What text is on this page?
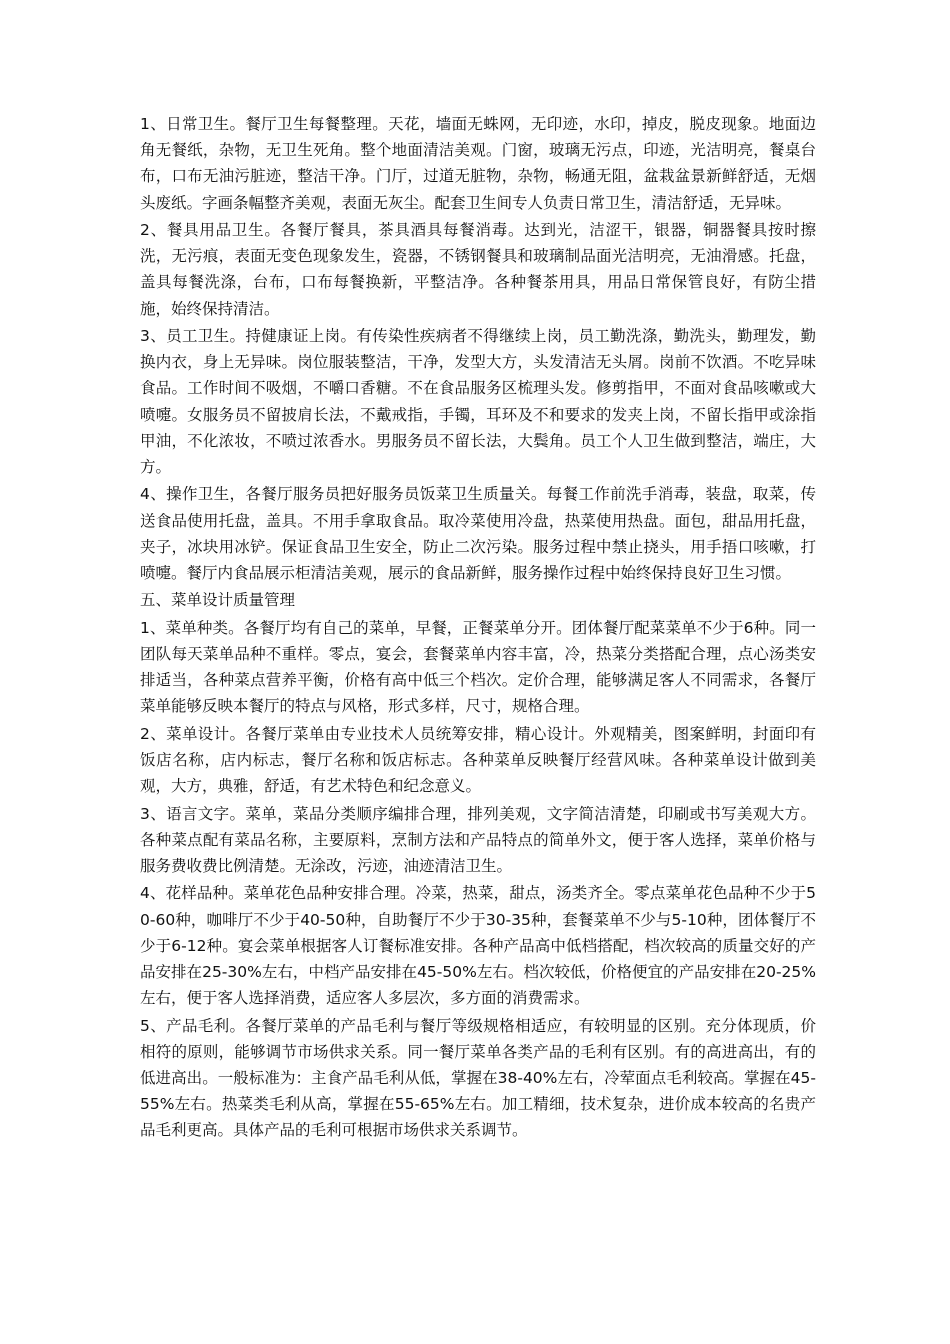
1、日常卫生。餐厅卫生每餐整理。天花，墙面无蛛网，无印迹，水印，掉皮，脱皮现象。地面边角无餐纸，杂物，无卫生死角。整个地面清洁美观。门窗，玻璃无污点，印迹，光洁明亮，餐桌台布，口布无油污脏迹，整洁干净。门厅，过道无脏物，杂物，畅通无阻，盆栽盆景新鲜舒适，无烟头废纸。字画条幅整齐美观，表面无灰尘。配套卫生间专人负责日常卫生，清洁舒适，无异味。

2、餐具用品卫生。各餐厅餐具，茶具酒具每餐消毒。达到光，洁涩干，银器，铜器餐具按时擦洗，无污痕，表面无变色现象发生，瓷器，不锈钢餐具和玻璃制品面光洁明亮，无油滑感。托盘，盖具每餐洗涤，台布，口布每餐换新，平整洁净。各种餐茶用具，用品日常保管良好，有防尘措施，始终保持清洁。

3、员工卫生。持健康证上岗。有传染性疾病者不得继续上岗，员工勤洗涤，勤洗头，勤理发，勤换内衣，身上无异味。岗位服装整洁，干净，发型大方，头发清洁无头屑。岗前不饮酒。不吃异味食品。工作时间不吸烟，不嚼口香糖。不在食品服务区梳理头发。修剪指甲，不面对食品咳嗽或大喷嚏。女服务员不留披肩长法，不戴戒指，手镯，耳环及不和要求的发夹上岗，不留长指甲或涂指甲油，不化浓妆，不喷过浓香水。男服务员不留长法，大鬓角。员工个人卫生做到整洁，端庄，大方。

4、操作卫生，各餐厅服务员把好服务员饭菜卫生质量关。每餐工作前洗手消毒，装盘，取菜，传送食品使用托盘，盖具。不用手拿取食品。取冷菜使用冷盘，热菜使用热盘。面包，甜品用托盘，夹子，冰块用冰铲。保证食品卫生安全，防止二次污染。服务过程中禁止挠头，用手捂口咳嗽，打喷嚏。餐厅内食品展示柜清洁美观，展示的食品新鲜，服务操作过程中始终保持良好卫生习惯。

五、菜单设计质量管理

1、菜单种类。各餐厅均有自己的菜单，早餐，正餐菜单分开。团体餐厅配菜菜单不少于6种。同一团队每天菜单品种不重样。零点，宴会，套餐菜单内容丰富，冷，热菜分类搭配合理，点心汤类安排适当，各种菜点营养平衡，价格有高中低三个档次。定价合理，能够满足客人不同需求，各餐厅菜单能够反映本餐厅的特点与风格，形式多样，尺寸，规格合理。

2、菜单设计。各餐厅菜单由专业技术人员统筹安排，精心设计。外观精美，图案鲜明，封面印有饭店名称，店内标志，餐厅名称和饭店标志。各种菜单反映餐厅经营风味。各种菜单设计做到美观，大方，典雅，舒适，有艺术特色和纪念意义。

3、语言文字。菜单，菜品分类顺序编排合理，排列美观，文字简洁清楚，印刷或书写美观大方。各种菜点配有菜品名称，主要原料，烹制方法和产品特点的简单外文，便于客人选择，菜单价格与服务费收费比例清楚。无涂改，污迹，油迹清洁卫生。

4、花样品种。菜单花色品种安排合理。冷菜，热菜，甜点，汤类齐全。零点菜单花色品种不少于50-60种，咖啡厅不少于40-50种，自助餐厅不少于30-35种，套餐菜单不少与5-10种，团体餐厅不少于6-12种。宴会菜单根据客人订餐标准安排。各种产品高中低档搭配，档次较高的质量交好的产品安排在25-30%左右，中档产品安排在45-50%左右。档次较低，价格便宜的产品安排在20-25%左右，便于客人选择消费，适应客人多层次，多方面的消费需求。

5、产品毛利。各餐厅菜单的产品毛利与餐厅等级规格相适应，有较明显的区别。充分体现质，价相符的原则，能够调节市场供求关系。同一餐厅菜单各类产品的毛利有区别。有的高进高出，有的低进高出。一般标准为：主食产品毛利从低，掌握在38-40%左右，冷荤面点毛利较高。掌握在45-55%左右。热菜类毛利从高，掌握在55-65%左右。加工精细，技术复杂，进价成本较高的名贵产品毛利更高。具体产品的毛利可根据市场供求关系调节。
